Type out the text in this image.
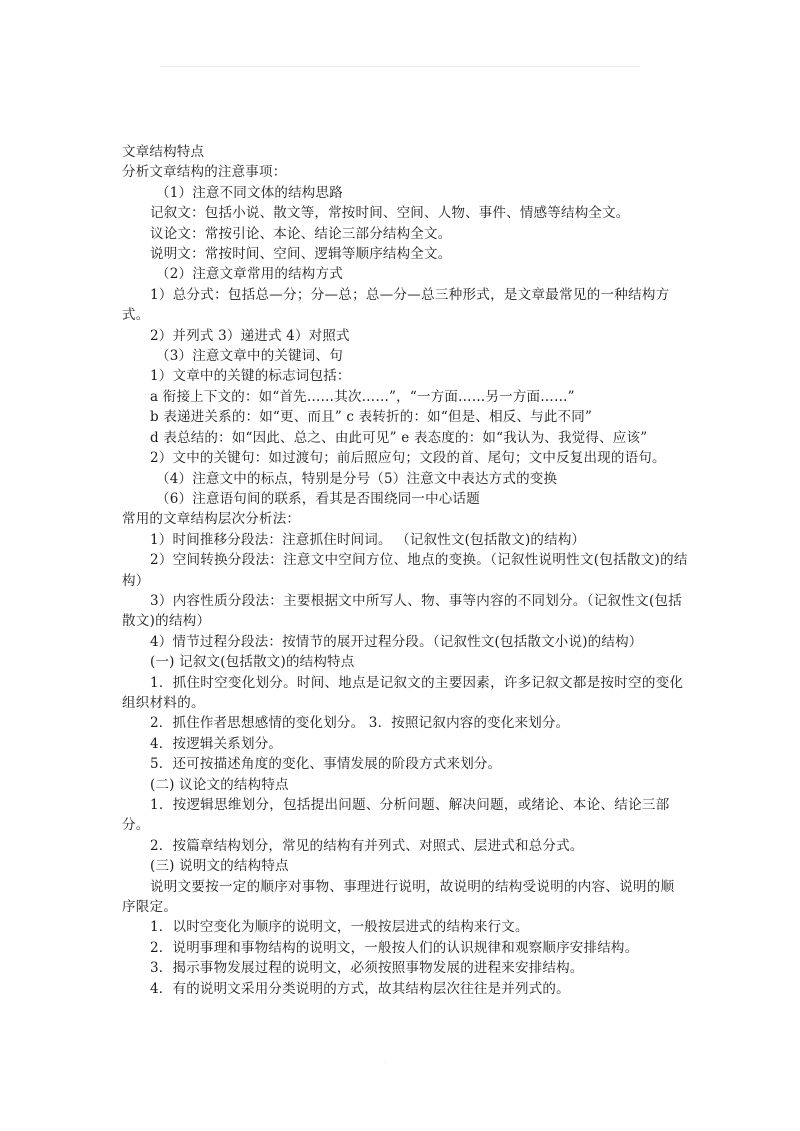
文章结构特点
分析文章结构的注意事项：
（1）注意不同文体的结构思路
记叙文：包括小说、散文等，常按时间、空间、人物、事件、情感等结构全文。
议论文：常按引论、本论、结论三部分结构全文。
说明文：常按时间、空间、逻辑等顺序结构全文。
（2）注意文章常用的结构方式
1）总分式：包括总—分；分—总；总—分—总三种形式，是文章最常见的一种结构方式。
2）并列式 3）递进式 4）对照式
（3）注意文章中的关键词、句
1）文章中的关键的标志词包括：
a 衔接上下文的：如“首先……其次……”，“一方面……另一方面……”
b 表递进关系的：如“更、而且” c 表转折的：如“但是、相反、与此不同”
d 表总结的：如“因此、总之、由此可见” e 表态度的：如“我认为、我觉得、应该”
2）文中的关键句：如过渡句；前后照应句；文段的首、尾句；文中反复出现的语句。
（4）注意文中的标点，特别是分号（5）注意文中表达方式的变换
（6）注意语句间的联系，看其是否围绕同一中心话题
常用的文章结构层次分析法：
1）时间推移分段法：注意抓住时间词。 （记叙性文(包括散文)的结构）
2）空间转换分段法：注意文中空间方位、地点的变换。（记叙性说明性文(包括散文)的结构）
3）内容性质分段法：主要根据文中所写人、物、事等内容的不同划分。（记叙性文(包括散文)的结构）
4）情节过程分段法：按情节的展开过程分段。（记叙性文(包括散文小说)的结构）
(一) 记叙文(包括散文)的结构特点
1．抓住时空变化划分。时间、地点是记叙文的主要因素，许多记叙文都是按时空的变化组织材料的。
2．抓住作者思想感情的变化划分。 3．按照记叙内容的变化来划分。
4．按逻辑关系划分。
5．还可按描述角度的变化、事情发展的阶段方式来划分。
(二) 议论文的结构特点
1．按逻辑思维划分，包括提出问题、分析问题、解决问题，或绪论、本论、结论三部分。
2．按篇章结构划分，常见的结构有并列式、对照式、层进式和总分式。
(三) 说明文的结构特点
说明文要按一定的顺序对事物、事理进行说明，故说明的结构受说明的内容、说明的顺序限定。
1．以时空变化为顺序的说明文，一般按层进式的结构来行文。
2．说明事理和事物结构的说明文，一般按人们的认识规律和观察顺序安排结构。
3．揭示事物发展过程的说明文，必须按照事物发展的进程来安排结构。
4．有的说明文采用分类说明的方式，故其结构层次往往是并列式的。
·
